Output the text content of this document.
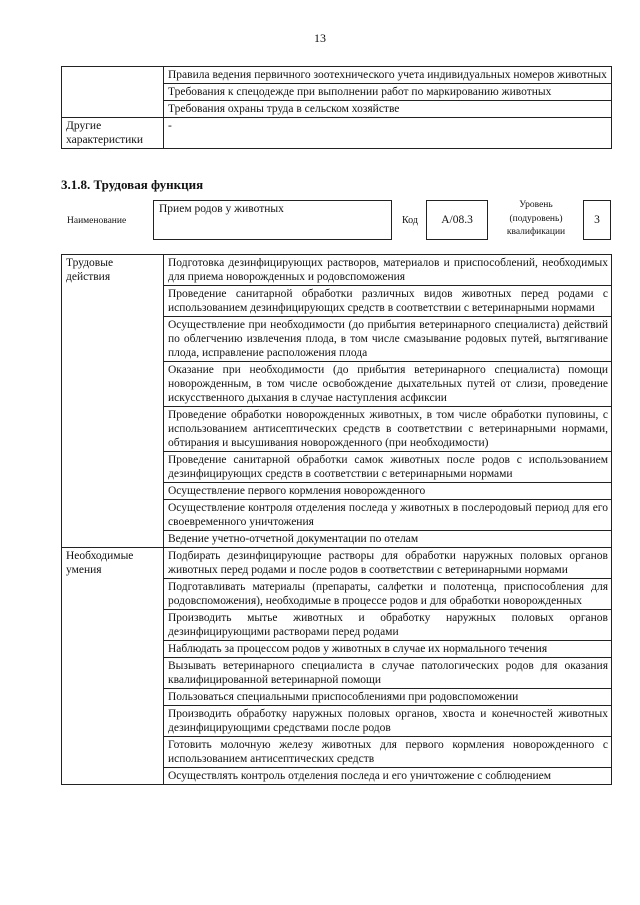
13
	Правила ведения первичного зоотехнического учета индивидуальных номеров животных
	Требования к спецодежде при выполнении работ по маркированию животных
	Требования охраны труда в сельском хозяйстве
Другие характеристики	-
3.1.8. Трудовая функция
Наименование
Прием родов у животных
Код	A/08.3
Уровень (подуровень) квалификации
3
Трудовые действия	Подготовка дезинфицирующих растворов, материалов и приспособлений, необходимых для приема новорожденных и родовспоможения
	Проведение санитарной обработки различных видов животных перед родами с использованием дезинфицирующих средств в соответствии с ветеринарными нормами
	Осуществление при необходимости (до прибытия ветеринарного специалиста) действий по облегчению извлечения плода, в том числе смазывание родовых путей, вытягивание плода, исправление расположения плода
	Оказание при необходимости (до прибытия ветеринарного специалиста) помощи новорожденным, в том числе освобождение дыхательных путей от слизи, проведение искусственного дыхания в случае наступления асфиксии
	Проведение обработки новорожденных животных, в том числе обработки пуповины, с использованием антисептических средств в соответствии с ветеринарными нормами, обтирания и высушивания новорожденного (при необходимости)
	Проведение санитарной обработки самок животных после родов с использованием дезинфицирующих средств в соответствии с ветеринарными нормами
	Осуществление первого кормления новорожденного
	Осуществление контроля отделения последа у животных в послеродовый период для его своевременного уничтожения
	Ведение учетно-отчетной документации по отелам
Необходимые умения	Подбирать дезинфицирующие растворы для обработки наружных половых органов животных перед родами и после родов в соответствии с ветеринарными нормами
	Подготавливать материалы (препараты, салфетки и полотенца, приспособления для родовспоможения), необходимые в процессе родов и для обработки новорожденных
	Производить мытье животных и обработку наружных половых органов дезинфицирующими растворами перед родами
	Наблюдать за процессом родов у животных в случае их нормального течения
	Вызывать ветеринарного специалиста в случае патологических родов для оказания квалифицированной ветеринарной помощи
	Пользоваться специальными приспособлениями при родовспоможении
	Производить обработку наружных половых органов, хвоста и конечностей животных дезинфицирующими средствами после родов
	Готовить молочную железу животных для первого кормления новорожденного с использованием антисептических средств
	Осуществлять контроль отделения последа и его уничтожение с соблюдением
